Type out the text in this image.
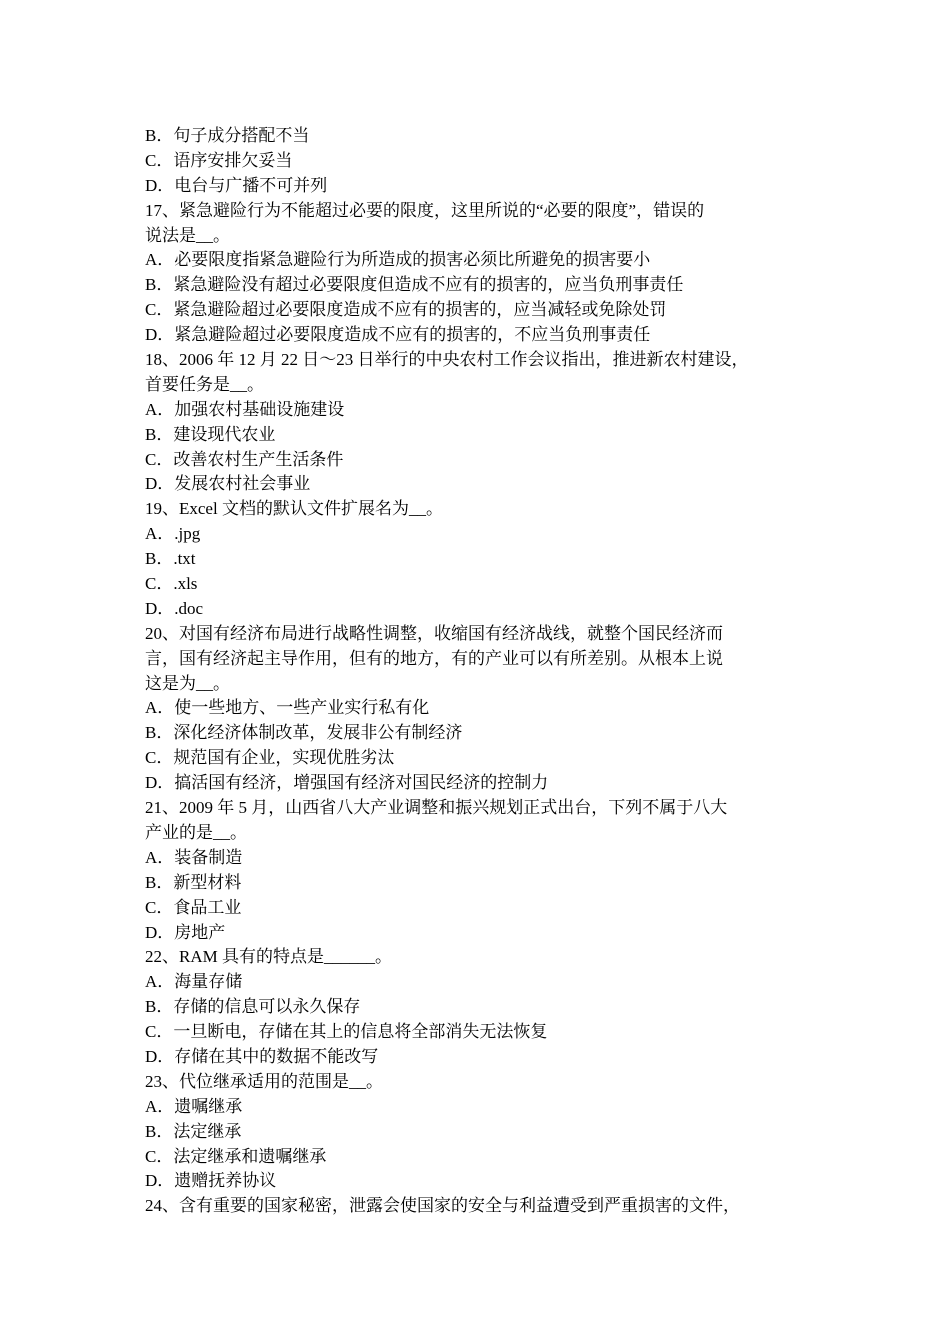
B．句子成分搭配不当
C．语序安排欠妥当
D．电台与广播不可并列
17、紧急避险行为不能超过必要的限度，这里所说的“必要的限度”，错误的
说法是__。
A．必要限度指紧急避险行为所造成的损害必须比所避免的损害要小
B．紧急避险没有超过必要限度但造成不应有的损害的，应当负刑事责任
C．紧急避险超过必要限度造成不应有的损害的，应当减轻或免除处罚
D．紧急避险超过必要限度造成不应有的损害的，不应当负刑事责任
18、2006 年 12 月 22 日～23 日举行的中央农村工作会议指出，推进新农村建设，
首要任务是__。
A．加强农村基础设施建设
B．建设现代农业
C．改善农村生产生活条件
D．发展农村社会事业
19、Excel 文档的默认文件扩展名为__。
A．.jpg
B．.txt
C．.xls
D．.doc
20、对国有经济布局进行战略性调整，收缩国有经济战线，就整个国民经济而
言，国有经济起主导作用，但有的地方，有的产业可以有所差别。从根本上说
这是为__。
A．使一些地方、一些产业实行私有化
B．深化经济体制改革，发展非公有制经济
C．规范国有企业，实现优胜劣汰
D．搞活国有经济，增强国有经济对国民经济的控制力
21、2009 年 5 月，山西省八大产业调整和振兴规划正式出台，下列不属于八大
产业的是__。
A．装备制造
B．新型材料
C．食品工业
D．房地产
22、RAM 具有的特点是______。
A．海量存储
B．存储的信息可以永久保存
C．一旦断电，存储在其上的信息将全部消失无法恢复
D．存储在其中的数据不能改写
23、代位继承适用的范围是__。
A．遗嘱继承
B．法定继承
C．法定继承和遗嘱继承
D．遗赠抚养协议
24、含有重要的国家秘密，泄露会使国家的安全与利益遭受到严重损害的文件，
